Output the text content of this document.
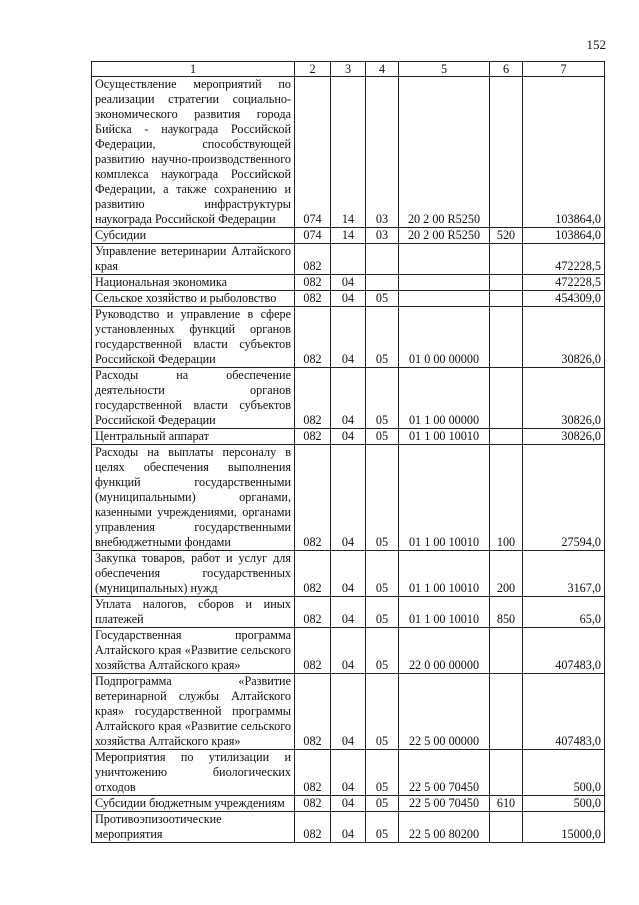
152
1	2	3	4	5	6	7
Осуществление мероприятий по реализации стратегии социально-экономического развития города Бийска - наукограда Российской Федерации, способствующей развитию научно-производственного комплекса наукограда Российской Федерации, а также сохранению и развитию инфраструктуры наукограда Российской Федерации	074	14	03	20 2 00 R5250		103864,0
Субсидии	074	14	03	20 2 00 R5250	520	103864,0
Управление ветеринарии Алтайского края	082					472228,5
Национальная экономика	082	04				472228,5
Сельское хозяйство и рыболовство	082	04	05			454309,0
Руководство и управление в сфере установленных функций органов государственной власти субъектов Российской Федерации	082	04	05	01 0 00 00000		30826,0
Расходы на обеспечение деятельности органов государственной власти субъектов Российской Федерации	082	04	05	01 1 00 00000		30826,0
Центральный аппарат	082	04	05	01 1 00 10010		30826,0
Расходы на выплаты персоналу в целях обеспечения выполнения функций государственными (муниципальными) органами, казенными учреждениями, органами управления государственными внебюджетными фондами	082	04	05	01 1 00 10010	100	27594,0
Закупка товаров, работ и услуг для обеспечения государственных (муниципальных) нужд	082	04	05	01 1 00 10010	200	3167,0
Уплата налогов, сборов и иных платежей	082	04	05	01 1 00 10010	850	65,0
Государственная программа Алтайского края «Развитие сельского хозяйства Алтайского края»	082	04	05	22 0 00 00000		407483,0
Подпрограмма «Развитие ветеринарной службы Алтайского края» государственной программы Алтайского края «Развитие сельского хозяйства Алтайского края»	082	04	05	22 5 00 00000		407483,0
Мероприятия по утилизации и уничтожению биологических отходов	082	04	05	22 5 00 70450		500,0
Субсидии бюджетным учреждениям	082	04	05	22 5 00 70450	610	500,0
Противоэпизоотические мероприятия	082	04	05	22 5 00 80200		15000,0
